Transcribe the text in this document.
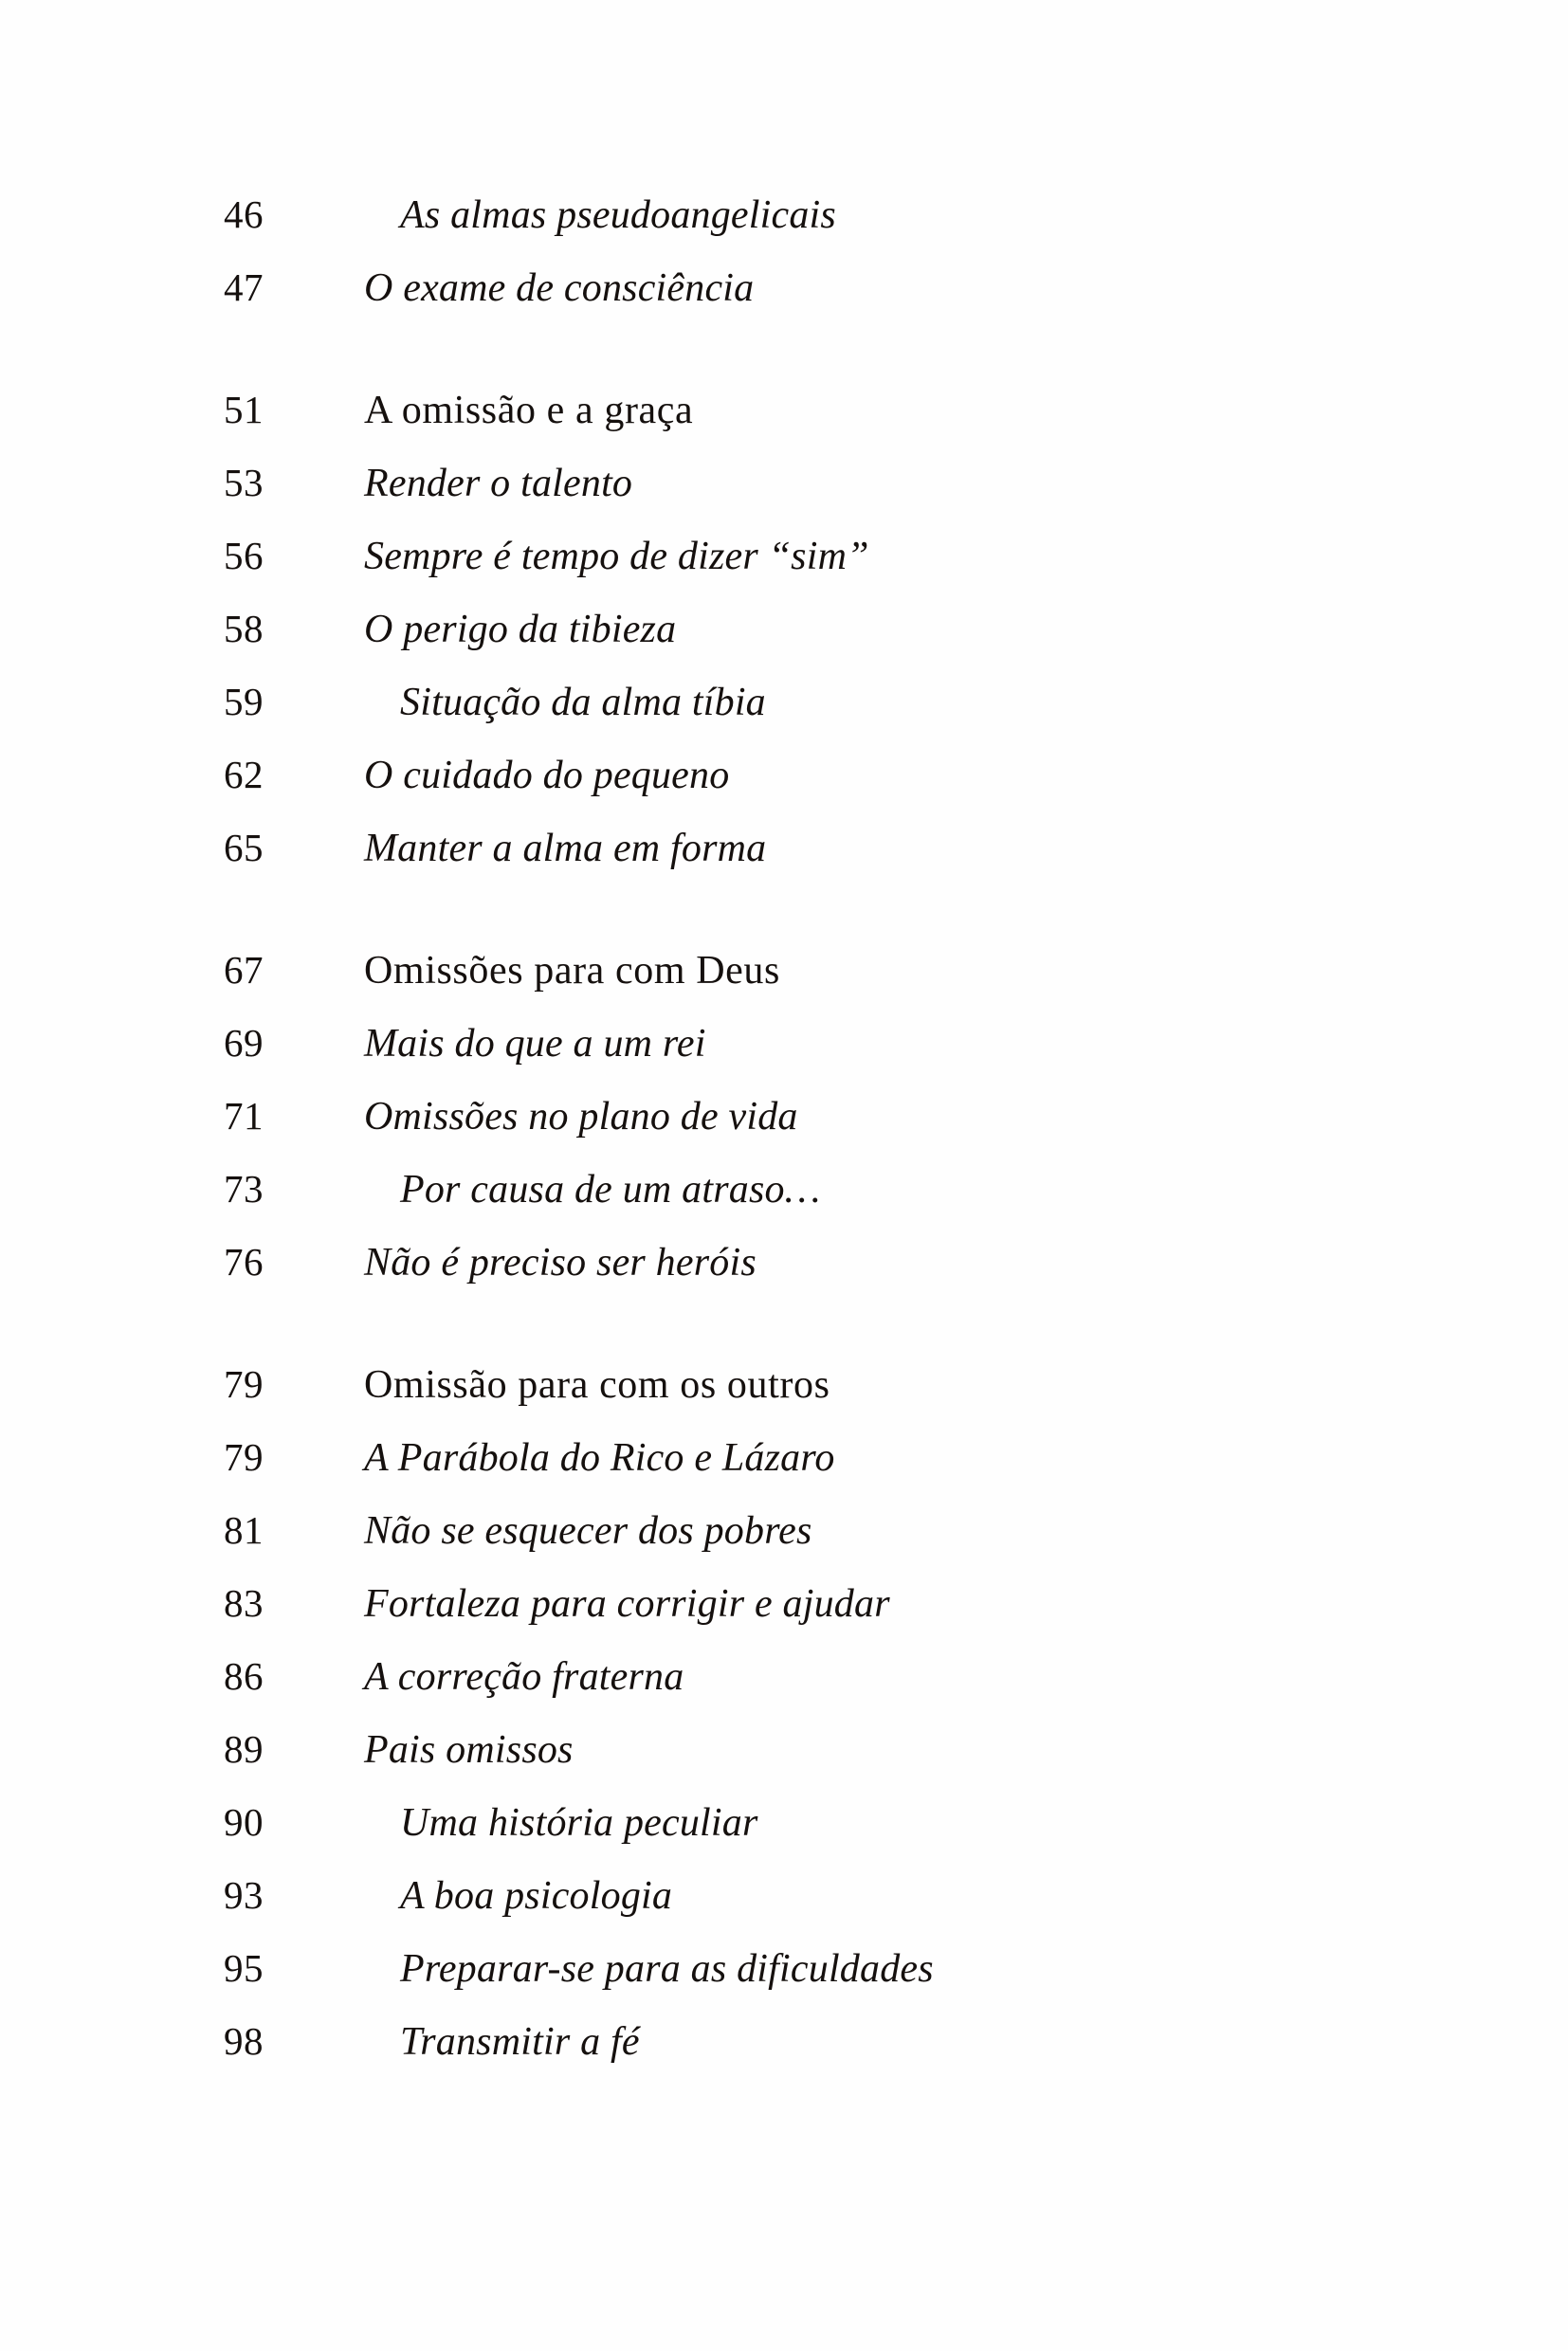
46	As almas pseudoangelicais
47	O exame de consciência
51	A omissão e a graça
53	Render o talento
56	Sempre é tempo de dizer “sim”
58	O perigo da tibieza
59	Situação da alma tíbia
62	O cuidado do pequeno
65	Manter a alma em forma
67	Omissões para com Deus
69	Mais do que a um rei
71	Omissões no plano de vida
73	Por causa de um atraso…
76	Não é preciso ser heróis
79	Omissão para com os outros
79	A Parábola do Rico e Lázaro
81	Não se esquecer dos pobres
83	Fortaleza para corrigir e ajudar
86	A correção fraterna
89	Pais omissos
90	Uma história peculiar
93	A boa psicologia
95	Preparar-se para as dificuldades
98	Transmitir a fé
